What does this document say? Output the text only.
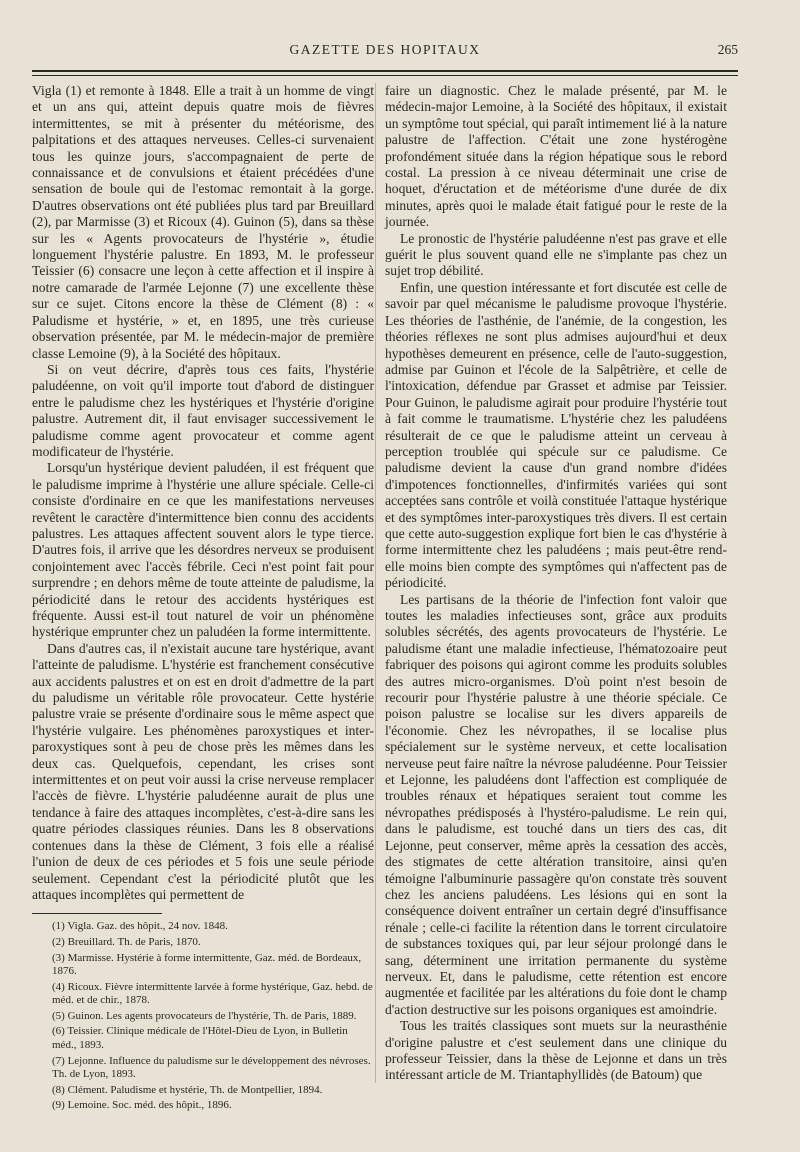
GAZETTE DES HOPITAUX	265

Vigla (1) et remonte à 1848. Elle a trait à un homme de vingt et un ans qui, atteint depuis quatre mois de fièvres intermittentes, se mit à présenter du météorisme, des palpitations et des attaques nerveuses. Celles-ci survenaient tous les quinze jours, s'accompagnaient de perte de connaissance et de convulsions et étaient précédées d'une sensation de boule qui de l'estomac remontait à la gorge. D'autres observations ont été publiées plus tard par Breuillard (2), par Marmisse (3) et Ricoux (4). Guinon (5), dans sa thèse sur les « Agents provocateurs de l'hystérie », étudie longuement l'hystérie palustre. En 1893, M. le professeur Teissier (6) consacre une leçon à cette affection et il inspire à notre camarade de l'armée Lejonne (7) une excellente thèse sur ce sujet. Citons encore la thèse de Clément (8) : « Paludisme et hystérie, » et, en 1895, une très curieuse observation présentée, par M. le médecin-major de première classe Lemoine (9), à la Société des hôpitaux.

Si on veut décrire, d'après tous ces faits, l'hystérie paludéenne, on voit qu'il importe tout d'abord de distinguer entre le paludisme chez les hystériques et l'hystérie d'origine palustre. Autrement dit, il faut envisager successivement le paludisme comme agent provocateur et comme agent modificateur de l'hystérie.

Lorsqu'un hystérique devient paludéen, il est fréquent que le paludisme imprime à l'hystérie une allure spéciale. Celle-ci consiste d'ordinaire en ce que les manifestations nerveuses revêtent le caractère d'intermittence bien connu des accidents palustres. Les attaques affectent souvent alors le type tierce. D'autres fois, il arrive que les désordres nerveux se produisent conjointement avec l'accès fébrile. Ceci n'est point fait pour surprendre ; en dehors même de toute atteinte de paludisme, la périodicité dans le retour des accidents hystériques est fréquente. Aussi est-il tout naturel de voir un phénomène hystérique emprunter chez un paludéen la forme intermittente.

Dans d'autres cas, il n'existait aucune tare hystérique, avant l'atteinte de paludisme. L'hystérie est franchement consécutive aux accidents palustres et on est en droit d'admettre de la part du paludisme un véritable rôle provocateur. Cette hystérie palustre vraie se présente d'ordinaire sous le même aspect que l'hystérie vulgaire. Les phénomènes paroxystiques et inter-paroxystiques sont à peu de chose près les mêmes dans les deux cas. Quelquefois, cependant, les crises sont intermittentes et on peut voir aussi la crise nerveuse remplacer l'accès de fièvre. L'hystérie paludéenne aurait de plus une tendance à faire des attaques incomplètes, c'est-à-dire sans les quatre périodes classiques réunies. Dans les 8 observations contenues dans la thèse de Clément, 3 fois elle a réalisé l'union de deux de ces périodes et 5 fois une seule période seulement. Cependant c'est la périodicité plutôt que les attaques incomplètes qui permettent de

(1) Vigla. Gaz. des hôpit., 24 nov. 1848.

(2) Breuillard. Th. de Paris, 1870.

(3) Marmisse. Hystérie à forme intermittente, Gaz. méd. de Bordeaux, 1876.

(4) Ricoux. Fièvre intermittente larvée à forme hystérique, Gaz. hebd. de méd. et de chir., 1878.

(5) Guinon. Les agents provocateurs de l'hystérie, Th. de Paris, 1889.

(6) Teissier. Clinique médicale de l'Hôtel-Dieu de Lyon, in Bulletin méd., 1893.

(7) Lejonne. Influence du paludisme sur le développement des névroses. Th. de Lyon, 1893.

(8) Clément. Paludisme et hystérie, Th. de Montpellier, 1894.

(9) Lemoine. Soc. méd. des hôpit., 1896.

faire un diagnostic. Chez le malade présenté, par M. le médecin-major Lemoine, à la Société des hôpitaux, il existait un symptôme tout spécial, qui paraît intimement lié à la nature palustre de l'affection. C'était une zone hystérogène profondément située dans la région hépatique sous le rebord costal. La pression à ce niveau déterminait une crise de hoquet, d'éructation et de météorisme d'une durée de dix minutes, après quoi le malade était fatigué pour le reste de la journée.

Le pronostic de l'hystérie paludéenne n'est pas grave et elle guérit le plus souvent quand elle ne s'implante pas chez un sujet trop débilité.

Enfin, une question intéressante et fort discutée est celle de savoir par quel mécanisme le paludisme provoque l'hystérie. Les théories de l'asthénie, de l'anémie, de la congestion, les théories réflexes ne sont plus admises aujourd'hui et deux hypothèses demeurent en présence, celle de l'auto-suggestion, admise par Guinon et l'école de la Salpêtrière, et celle de l'intoxication, défendue par Grasset et admise par Teissier. Pour Guinon, le paludisme agirait pour produire l'hystérie tout à fait comme le traumatisme. L'hystérie chez les paludéens résulterait de ce que le paludisme atteint un cerveau à perception troublée qui spécule sur ce paludisme. Ce paludisme devient la cause d'un grand nombre d'idées d'impotences fonctionnelles, d'infirmités variées qui sont acceptées sans contrôle et voilà constituée l'attaque hystérique et des symptômes inter-paroxystiques très divers. Il est certain que cette auto-suggestion explique fort bien le cas d'hystérie à forme intermittente chez les paludéens ; mais peut-être rend-elle moins bien compte des symptômes qui n'affectent pas de périodicité.

Les partisans de la théorie de l'infection font valoir que toutes les maladies infectieuses sont, grâce aux produits solubles sécrétés, des agents provocateurs de l'hystérie. Le paludisme étant une maladie infectieuse, l'hématozoaire peut fabriquer des poisons qui agiront comme les produits solubles des autres micro-organismes. D'où point n'est besoin de recourir pour l'hystérie palustre à une théorie spéciale. Ce poison palustre se localise sur les divers appareils de l'économie. Chez les névropathes, il se localise plus spécialement sur le système nerveux, et cette localisation nerveuse peut faire naître la névrose paludéenne. Pour Teissier et Lejonne, les paludéens dont l'affection est compliquée de troubles rénaux et hépatiques seraient tout comme les névropathes prédisposés à l'hystéro-paludisme. Le rein qui, dans le paludisme, est touché dans un tiers des cas, dit Lejonne, peut conserver, même après la cessation des accès, des stigmates de cette altération transitoire, ainsi qu'en témoigne l'albuminurie passagère qu'on constate très souvent chez les anciens paludéens. Les lésions qui en sont la conséquence doivent entraîner un certain degré d'insuffisance rénale ; celle-ci facilite la rétention dans le torrent circulatoire de substances toxiques qui, par leur séjour prolongé dans le sang, déterminent une irritation permanente du système nerveux. Et, dans le paludisme, cette rétention est encore augmentée et facilitée par les altérations du foie dont le champ d'action destructive sur les poisons organiques est amoindrie.

Tous les traités classiques sont muets sur la neurasthénie d'origine palustre et c'est seulement dans une clinique du professeur Teissier, dans la thèse de Lejonne et dans un très intéressant article de M. Triantaphyllidès (de Batoum) que
